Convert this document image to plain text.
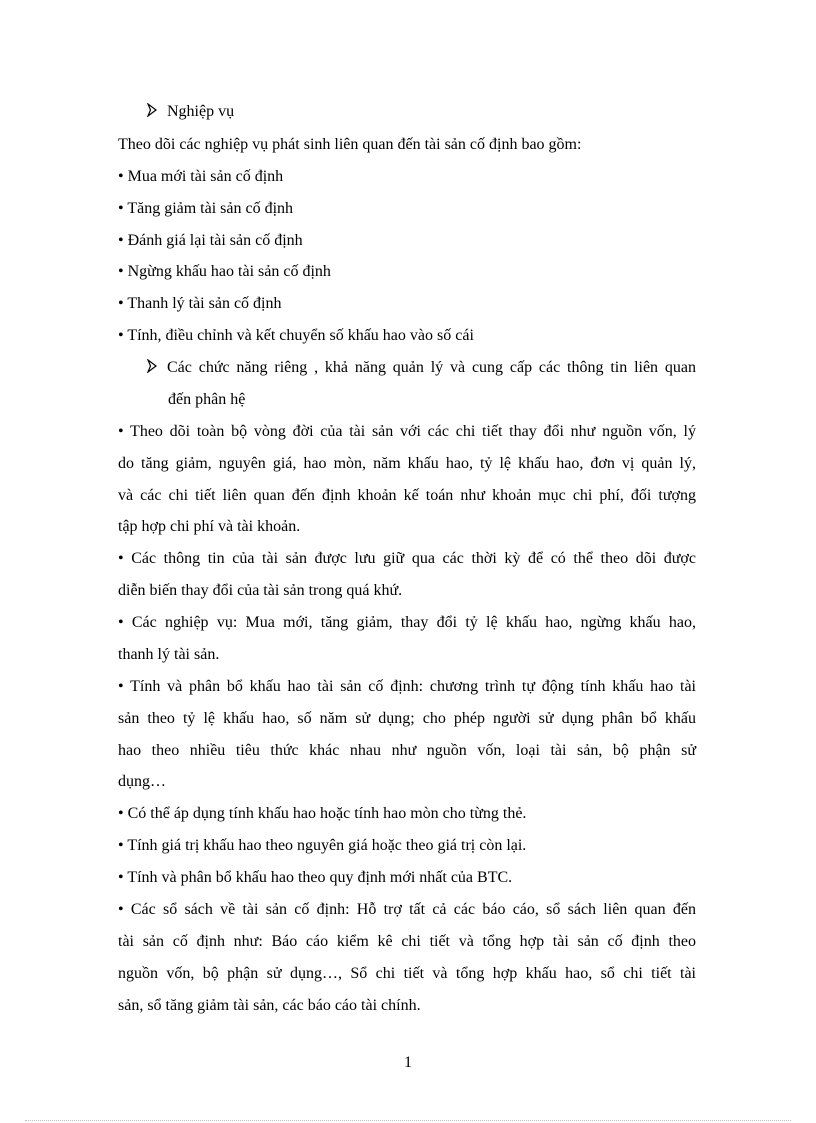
Nghiệp vụ
Theo dõi các nghiệp vụ phát sinh liên quan đến tài sản cố định bao gồm:
• Mua mới tài sản cố định
• Tăng giảm tài sản cố định
• Đánh giá lại tài sản cố định
• Ngừng khấu hao tài sản cố định
• Thanh lý tài sản cố định
• Tính, điều chỉnh và kết chuyển số khấu hao vào số cái
Các chức năng riêng , khả năng quản lý và cung cấp các thông tin liên quan
đến phân hệ
• Theo dõi toàn bộ vòng đời của tài sản với các chi tiết thay đổi như nguồn vốn, lý
do tăng giảm, nguyên giá, hao mòn, năm khấu hao, tỷ lệ khấu hao, đơn vị quản lý,
và các chi tiết liên quan đến định khoản kế toán như khoản mục chi phí, đối tượng
tập hợp chi phí và tài khoản.
• Các thông tin của tài sản được lưu giữ qua các thời kỳ để có thể theo dõi được
diễn biến thay đổi của tài sản trong quá khứ.
• Các nghiệp vụ: Mua mới, tăng giảm, thay đổi tỷ lệ khấu hao, ngừng khấu hao,
thanh lý tài sản.
• Tính và phân bổ khấu hao tài sản cố định: chương trình tự động tính khấu hao tài
sản theo tỷ lệ khấu hao, số năm sử dụng; cho phép người sử dụng phân bổ khấu
hao theo nhiều tiêu thức khác nhau như nguồn vốn, loại tài sản, bộ phận sử
dụng…
• Có thể áp dụng tính khấu hao hoặc tính hao mòn cho từng thẻ.
• Tính giá trị khấu hao theo nguyên giá hoặc theo giá trị còn lại.
• Tính và phân bổ khấu hao theo quy định mới nhất của BTC.
• Các sổ sách về tài sản cố định: Hỗ trợ tất cả các báo cáo, sổ sách liên quan đến
tài sản cố định như: Báo cáo kiểm kê chi tiết và tổng hợp tài sản cố định theo
nguồn vốn, bộ phận sử dụng…, Sổ chi tiết và tổng hợp khấu hao, sổ chi tiết tài
sản, sổ tăng giảm tài sản, các báo cáo tài chính.
1
